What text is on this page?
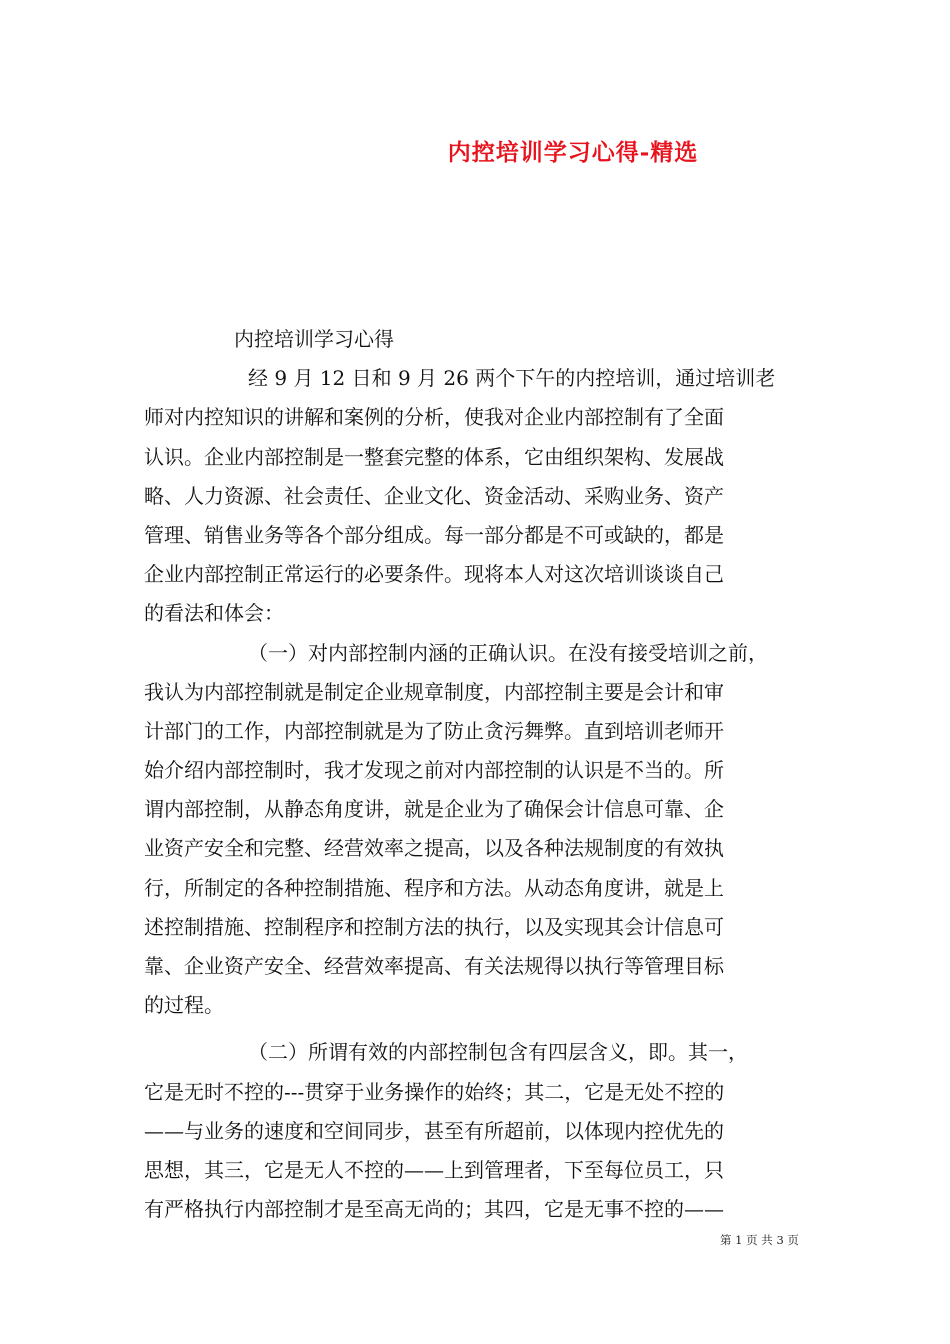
内控培训学习心得-精选
内控培训学习心得
经 9 月 12 日和 9 月 26 两个下午的内控培训，通过培训老
师对内控知识的讲解和案例的分析，使我对企业内部控制有了全面
认识。企业内部控制是一整套完整的体系，它由组织架构、发展战
略、人力资源、社会责任、企业文化、资金活动、采购业务、资产
管理、销售业务等各个部分组成。每一部分都是不可或缺的，都是
企业内部控制正常运行的必要条件。现将本人对这次培训谈谈自己
的看法和体会：
（一）对内部控制内涵的正确认识。在没有接受培训之前，
我认为内部控制就是制定企业规章制度，内部控制主要是会计和审
计部门的工作，内部控制就是为了防止贪污舞弊。直到培训老师开
始介绍内部控制时，我才发现之前对内部控制的认识是不当的。所
谓内部控制，从静态角度讲，就是企业为了确保会计信息可靠、企
业资产安全和完整、经营效率之提高，以及各种法规制度的有效执
行，所制定的各种控制措施、程序和方法。从动态角度讲，就是上
述控制措施、控制程序和控制方法的执行，以及实现其会计信息可
靠、企业资产安全、经营效率提高、有关法规得以执行等管理目标
的过程。
（二）所谓有效的内部控制包含有四层含义，即。其一，
它是无时不控的---贯穿于业务操作的始终；其二，它是无处不控的
——与业务的速度和空间同步，甚至有所超前，以体现内控优先的
思想，其三，它是无人不控的——上到管理者，下至每位员工，只
有严格执行内部控制才是至高无尚的；其四，它是无事不控的——
第 1 页 共 3 页
